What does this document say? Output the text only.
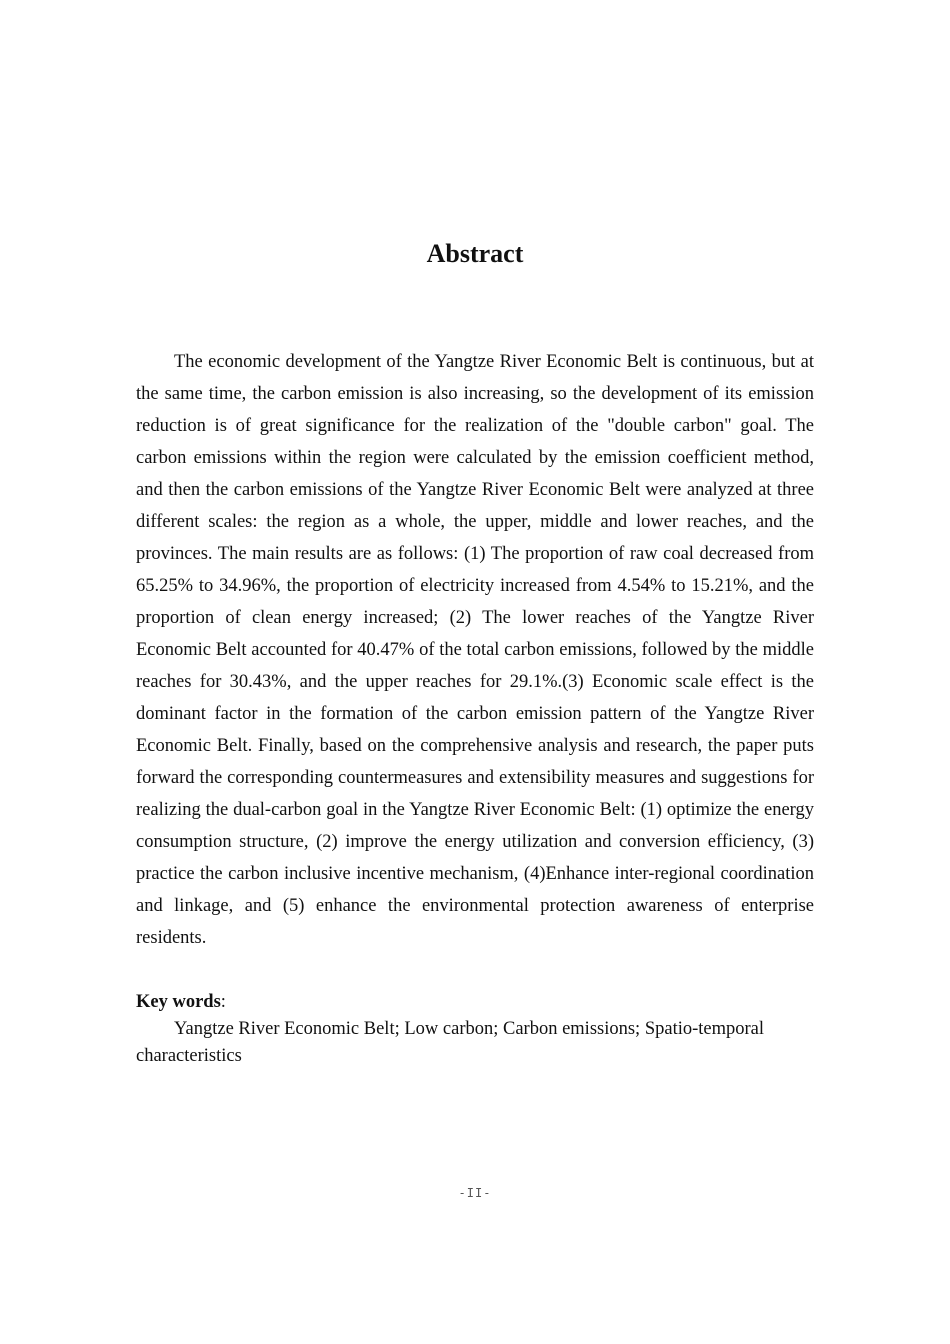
Abstract

The economic development of the Yangtze River Economic Belt is continuous, but at the same time, the carbon emission is also increasing, so the development of its emission reduction is of great significance for the realization of the "double carbon" goal. The carbon emissions within the region were calculated by the emission coefficient method, and then the carbon emissions of the Yangtze River Economic Belt were analyzed at three different scales: the region as a whole, the upper, middle and lower reaches, and the provinces. The main results are as follows: (1) The proportion of raw coal decreased from 65.25% to 34.96%, the proportion of electricity increased from 4.54% to 15.21%, and the proportion of clean energy increased; (2) The lower reaches of the Yangtze River Economic Belt accounted for 40.47% of the total carbon emissions, followed by the middle reaches for 30.43%, and the upper reaches for 29.1%.(3) Economic scale effect is the dominant factor in the formation of the carbon emission pattern of the Yangtze River Economic Belt. Finally, based on the comprehensive analysis and research, the paper puts forward the corresponding countermeasures and extensibility measures and suggestions for realizing the dual-carbon goal in the Yangtze River Economic Belt: (1) optimize the energy consumption structure, (2) improve the energy utilization and conversion efficiency, (3) practice the carbon inclusive incentive mechanism, (4)Enhance inter-regional coordination and linkage, and (5) enhance the environmental protection awareness of enterprise residents.

Key words:

Yangtze River Economic Belt; Low carbon; Carbon emissions; Spatio-temporal characteristics

-II-
